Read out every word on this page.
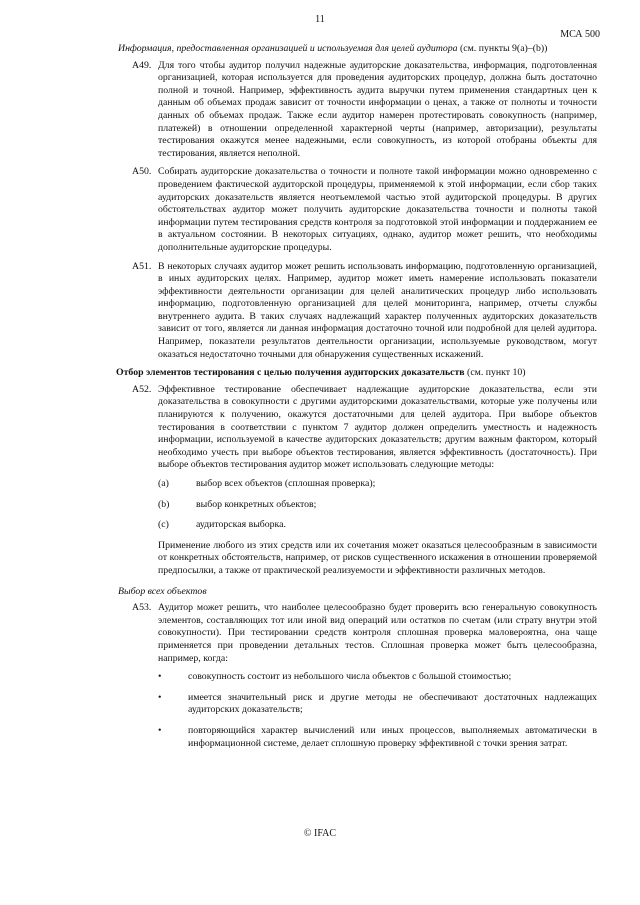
11
МСА 500
Информация, предоставленная организацией и используемая для целей аудитора (см. пункты 9(а)–(b))
А49. Для того чтобы аудитор получил надежные аудиторские доказательства, информация, подготовленная организацией, которая используется для проведения аудиторских процедур, должна быть достаточно полной и точной. Например, эффективность аудита выручки путем применения стандартных цен к данным об объемах продаж зависит от точности информации о ценах, а также от полноты и точности данных об объемах продаж. Также если аудитор намерен протестировать совокупность (например, платежей) в отношении определенной характерной черты (например, авторизации), результаты тестирования окажутся менее надежными, если совокупность, из которой отобраны объекты для тестирования, является неполной.
А50. Собирать аудиторские доказательства о точности и полноте такой информации можно одновременно с проведением фактической аудиторской процедуры, применяемой к этой информации, если сбор таких аудиторских доказательств является неотъемлемой частью этой аудиторской процедуры. В других обстоятельствах аудитор может получить аудиторские доказательства точности и полноты такой информации путем тестирования средств контроля за подготовкой этой информации и поддержанием ее в актуальном состоянии. В некоторых ситуациях, однако, аудитор может решить, что необходимы дополнительные аудиторские процедуры.
А51. В некоторых случаях аудитор может решить использовать информацию, подготовленную организацией, в иных аудиторских целях. Например, аудитор может иметь намерение использовать показатели эффективности деятельности организации для целей аналитических процедур либо использовать информацию, подготовленную организацией для целей мониторинга, например, отчеты службы внутреннего аудита. В таких случаях надлежащий характер полученных аудиторских доказательств зависит от того, является ли данная информация достаточно точной или подробной для целей аудитора. Например, показатели результатов деятельности организации, используемые руководством, могут оказаться недостаточно точными для обнаружения существенных искажений.
Отбор элементов тестирования с целью получения аудиторских доказательств (см. пункт 10)
А52. Эффективное тестирование обеспечивает надлежащие аудиторские доказательства, если эти доказательства в совокупности с другими аудиторскими доказательствами, которые уже получены или планируются к получению, окажутся достаточными для целей аудитора. При выборе объектов тестирования в соответствии с пунктом 7 аудитор должен определить уместность и надежность информации, используемой в качестве аудиторских доказательств; другим важным фактором, который необходимо учесть при выборе объектов тестирования, является эффективность (достаточность). При выборе объектов тестирования аудитор может использовать следующие методы:
(a)	выбор всех объектов (сплошная проверка);
(b)	выбор конкретных объектов;
(c)	аудиторская выборка.
Применение любого из этих средств или их сочетания может оказаться целесообразным в зависимости от конкретных обстоятельств, например, от рисков существенного искажения в отношении проверяемой предпосылки, а также от практической реализуемости и эффективности различных методов.
Выбор всех объектов
А53. Аудитор может решить, что наиболее целесообразно будет проверить всю генеральную совокупность элементов, составляющих тот или иной вид операций или остатков по счетам (или страту внутри этой совокупности). При тестировании средств контроля сплошная проверка маловероятна, она чаще применяется при проведении детальных тестов. Сплошная проверка может быть целесообразна, например, когда:
•	совокупность состоит из небольшого числа объектов с большой стоимостью;
•	имеется значительный риск и другие методы не обеспечивают достаточных надлежащих аудиторских доказательств;
•	повторяющийся характер вычислений или иных процессов, выполняемых автоматически в информационной системе, делает сплошную проверку эффективной с точки зрения затрат.
© IFAC
